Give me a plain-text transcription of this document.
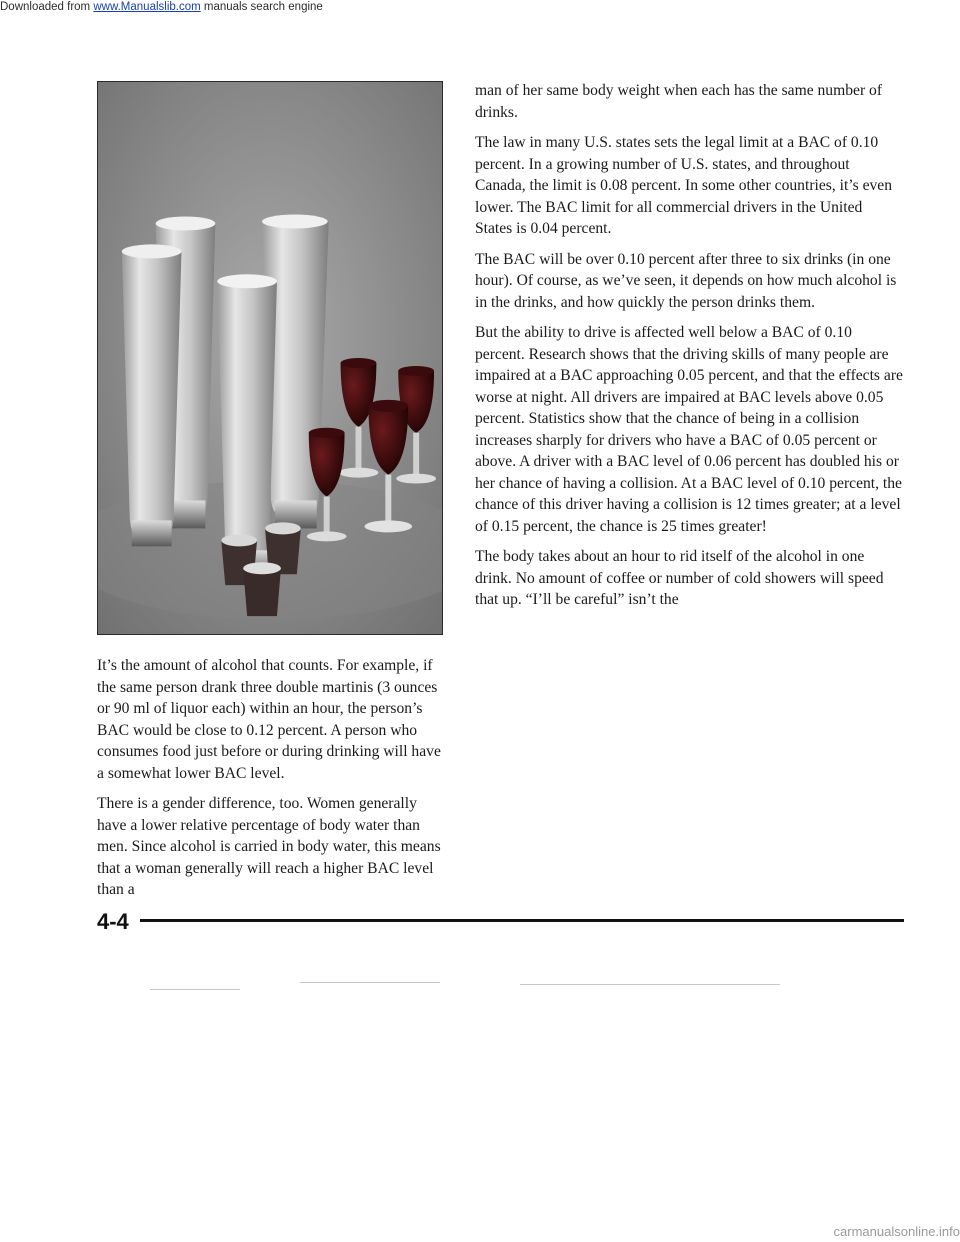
Downloaded from www.Manualslib.com manuals search engine

It’s the amount of alcohol that counts. For example, if the same person drank three double martinis (3 ounces or 90 ml of liquor each) within an hour, the person’s BAC would be close to 0.12 percent. A person who consumes food just before or during drinking will have a somewhat lower BAC level.

There is a gender difference, too. Women generally have a lower relative percentage of body water than men. Since alcohol is carried in body water, this means that a woman generally will reach a higher BAC level than a

man of her same body weight when each has the same number of drinks.

The law in many U.S. states sets the legal limit at a BAC of 0.10 percent. In a growing number of U.S. states, and throughout Canada, the limit is 0.08 percent. In some other countries, it’s even lower. The BAC limit for all commercial drivers in the United States is 0.04 percent.

The BAC will be over 0.10 percent after three to six drinks (in one hour). Of course, as we’ve seen, it depends on how much alcohol is in the drinks, and how quickly the person drinks them.

But the ability to drive is affected well below a BAC of 0.10 percent. Research shows that the driving skills of many people are impaired at a BAC approaching 0.05 percent, and that the effects are worse at night. All drivers are impaired at BAC levels above 0.05 percent. Statistics show that the chance of being in a collision increases sharply for drivers who have a BAC of 0.05 percent or above. A driver with a BAC level of 0.06 percent has doubled his or her chance of having a collision. At a BAC level of 0.10 percent, the chance of this driver having a collision is 12 times greater; at a level of 0.15 percent, the chance is 25 times greater!

The body takes about an hour to rid itself of the alcohol in one drink. No amount of coffee or number of cold showers will speed that up. “I’ll be careful” isn’t the

4-4
carmanualsonline.info
